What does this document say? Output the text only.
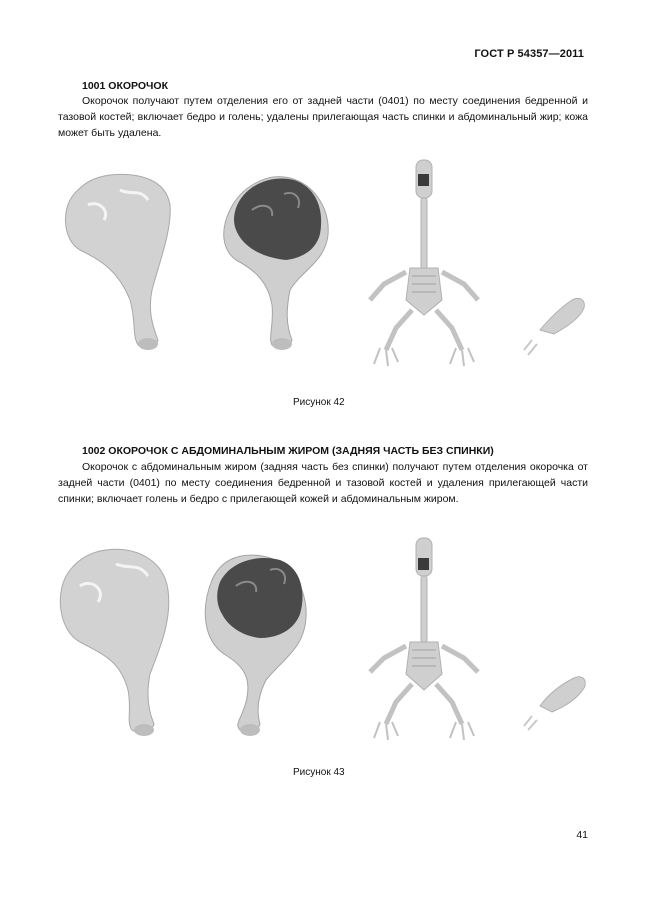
ГОСТ Р 54357—2011
1001 ОКОРОЧОК

Окорочок получают путем отделения его от задней части (0401) по месту соединения бедренной и тазовой костей; включает бедро и голень; удалены прилегающая часть спинки и абдоминальный жир; кожа может быть удалена.

Рисунок 42
1002 ОКОРОЧОК С АБДОМИНАЛЬНЫМ ЖИРОМ (ЗАДНЯЯ ЧАСТЬ БЕЗ СПИНКИ)

Окорочок с абдоминальным жиром (задняя часть без спинки) получают путем отделения окорочка от задней части (0401) по месту соединения бедренной и тазовой костей и удаления прилегающей части спинки; включает голень и бедро с прилегающей кожей и абдоминальным жиром.

Рисунок 43
41
